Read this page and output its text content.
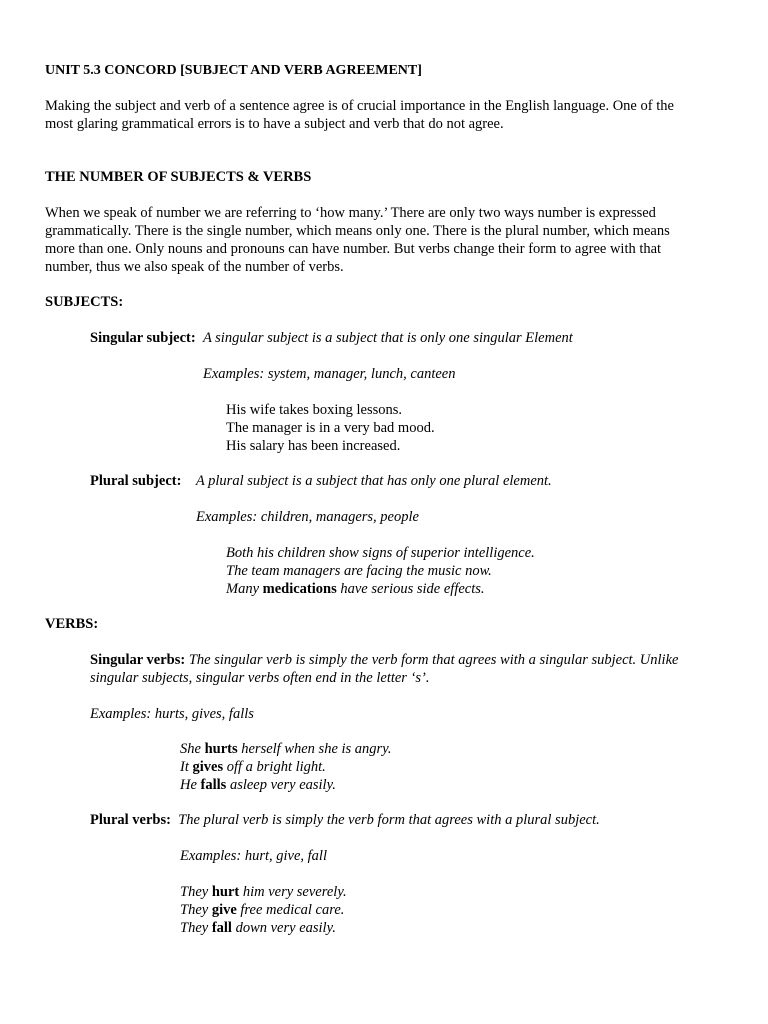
UNIT 5.3 CONCORD [SUBJECT AND VERB AGREEMENT]

Making the subject and verb of a sentence agree is of crucial importance in the English language. One of the

most glaring grammatical errors is to have a subject and verb that do not agree.

THE NUMBER OF SUBJECTS & VERBS

When we speak of number we are referring to ‘how many.’ There are only two ways number is expressed

grammatically. There is the single number, which means only one. There is the plural number, which means

more than one. Only nouns and pronouns can have number. But verbs change their form to agree with that

number, thus we also speak of the number of verbs.

SUBJECTS:

Singular subject: A singular subject is a subject that is only one singular Element

Examples: system, manager, lunch, canteen

His wife takes boxing lessons.

The manager is in a very bad mood.

His salary has been increased.

Plural subject: A plural subject is a subject that has only one plural element.

Examples: children, managers, people

Both his children show signs of superior intelligence.

The team managers are facing the music now.

Many medications have serious side effects.

VERBS:

Singular verbs: The singular verb is simply the verb form that agrees with a singular subject. Unlike

singular subjects, singular verbs often end in the letter ‘s’.

Examples: hurts, gives, falls

She hurts herself when she is angry.

It gives off a bright light.

He falls asleep very easily.

Plural verbs: The plural verb is simply the verb form that agrees with a plural subject.

Examples: hurt, give, fall

They hurt him very severely.

They give free medical care.

They fall down very easily.
